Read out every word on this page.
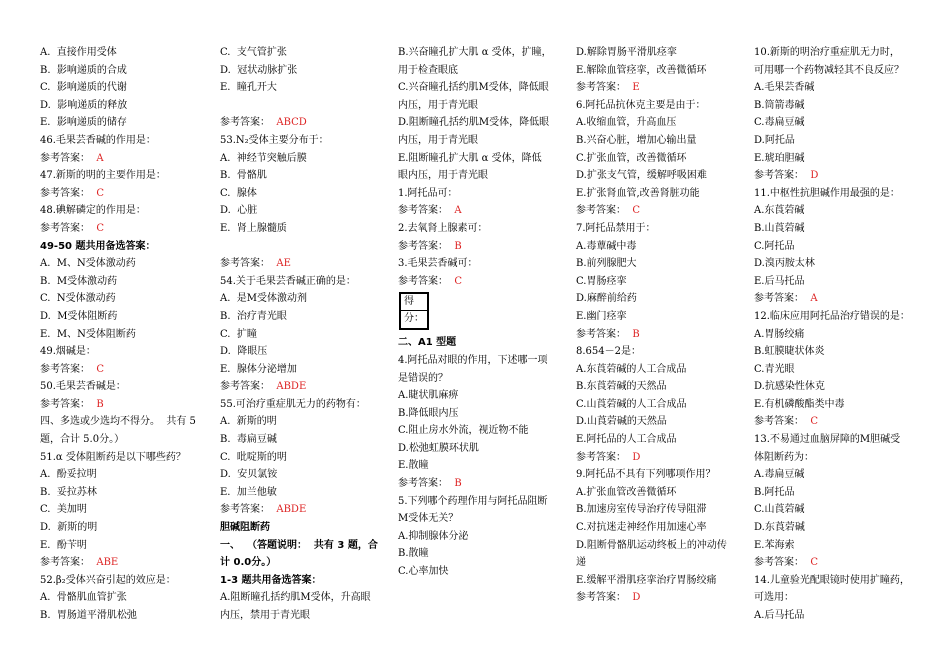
A.  直接作用受体
B.  影响递质的合成
C.  影响递质的代谢
D.  影响递质的释放
E.  影响递质的储存
46.毛果芸香碱的作用是：
参考答案： A
47.新斯的明的主要作用是：
参考答案： C
48.碘解磷定的作用是：
参考答案： C
49-50 题共用备选答案：
A.  M、N受体激动药
B.  M受体激动药
C.  N受体激动药
D.  M受体阻断药
E.  M、N受体阻断药
49.烟碱是：
参考答案： C
50.毛果芸香碱是：
参考答案： B
四、多选或少选均不得分。  共有 5
题，合计 5.0分。）
51.α 受体阻断药是以下哪些药？
A.  酚妥拉明
B.  妥拉苏林
C.  美加明
D.  新斯的明
E.  酚苄明
参考答案： ABE
52.β₂受体兴奋引起的效应是：
A.  骨骼肌血管扩张
B.  胃肠道平滑肌松弛
C.  支气管扩张
D.  冠状动脉扩张
E.  瞳孔开大
参考答案： ABCD
53.N₂受体主要分布于：
A.  神经节突触后膜
B.  骨骼肌
C.  腺体
D.  心脏
E.  肾上腺髓质
参考答案： AE
54.关于毛果芸香碱正确的是：
A.  是M受体激动剂
B.  治疗青光眼
C.  扩瞳
D.  降眼压
E.  腺体分泌增加
参考答案： ABDE
55.可治疗重症肌无力的药物有：
A.  新斯的明
B.  毒扁豆碱
C.  吡啶斯的明
D.  安贝氯铵
E.  加兰他敏
参考答案： ABDE
胆碱阻断药
一、  （答题说明：  共有 3 题，合
计 0.0分。）
1-3 题共用备选答案：
A.阻断瞳孔括约肌M受体，升高眼
内压，禁用于青光眼
B.兴奋瞳孔扩大肌 α 受体，扩瞳，
用于检查眼底
C.兴奋瞳孔括约肌M受体，降低眼
内压，用于青光眼
D.阻断瞳孔括约肌M受体，降低眼
内压，用于青光眼
E.阻断瞳孔扩大肌 α 受体，降低
眼内压，用于青光眼
1.阿托品可：
参考答案： A
2.去氧肾上腺素可：
参考答案： B
3.毛果芸香碱可：
参考答案： C
得
分：
二、A1 型题
4.阿托品对眼的作用，下述哪一项
是错误的？
A.睫状肌麻痹
B.降低眼内压
C.阻止房水外流，视近物不能
D.松弛虹膜环状肌
E.散瞳
参考答案： B
5.下列哪个药理作用与阿托品阻断
M受体无关？
A.抑制腺体分泌
B.散瞳
C.心率加快
D.解除胃肠平滑肌痉挛
E.解除血管痉挛，改善微循环
参考答案： E
6.阿托品抗休克主要是由于：
A.收缩血管，升高血压
B.兴奋心脏，增加心输出量
C.扩张血管，改善微循环
D.扩张支气管，缓解呼吸困难
E.扩张肾血管,改善肾脏功能
参考答案： C
7.阿托品禁用于：
A.毒蕈碱中毒
B.前列腺肥大
C.胃肠痉挛
D.麻醉前给药
E.幽门痉挛
参考答案： B
8.654－2是：
A.东莨菪碱的人工合成品
B.东莨菪碱的天然品
C.山莨菪碱的人工合成品
D.山莨菪碱的天然品
E.阿托品的人工合成品
参考答案： D
9.阿托品不具有下列哪项作用？
A.扩张血管改善微循环
B.加速房室传导治疗传导阻滞
C.对抗迷走神经作用加速心率
D.阻断骨骼肌运动终板上的冲动传
递
E.缓解平滑肌痉挛治疗胃肠绞痛
参考答案： D
10.新斯的明治疗重症肌无力时，
可用哪一个药物减轻其不良反应？
A.毛果芸香碱
B.筒箭毒碱
C.毒扁豆碱
D.阿托品
E.琥珀胆碱
参考答案： D
11.中枢性抗胆碱作用最强的是：
A.东莨菪碱
B.山莨菪碱
C.阿托品
D.溴丙胺太林
E.后马托品
参考答案： A
12.临床应用阿托品治疗错误的是：
A.胃肠绞痛
B.虹膜睫状体炎
C.青光眼
D.抗感染性休克
E.有机磷酸酯类中毒
参考答案： C
13.不易通过血脑屏障的M胆碱受
体阻断药为：
A.毒扁豆碱
B.阿托品
C.山莨菪碱
D.东莨菪碱
E.苯海索
参考答案： C
14.儿童验光配眼镜时使用扩瞳药，
可选用：
A.后马托品
